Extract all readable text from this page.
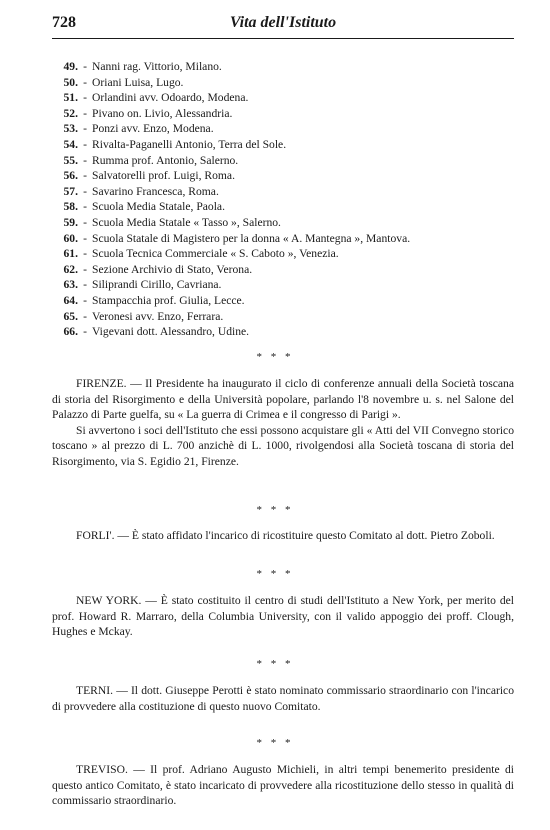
728	Vita dell'Istituto
49. - Nanni rag. Vittorio, Milano.
50. - Oriani Luisa, Lugo.
51. - Orlandini avv. Odoardo, Modena.
52. - Pivano on. Livio, Alessandria.
53. - Ponzi avv. Enzo, Modena.
54. - Rivalta-Paganelli Antonio, Terra del Sole.
55. - Rumma prof. Antonio, Salerno.
56. - Salvatorelli prof. Luigi, Roma.
57. - Savarino Francesca, Roma.
58. - Scuola Media Statale, Paola.
59. - Scuola Media Statale « Tasso », Salerno.
60. - Scuola Statale di Magistero per la donna « A. Mantegna », Mantova.
61. - Scuola Tecnica Commerciale « S. Caboto », Venezia.
62. - Sezione Archivio di Stato, Verona.
63. - Siliprandi Cirillo, Cavriana.
64. - Stampacchia prof. Giulia, Lecce.
65. - Veronesi avv. Enzo, Ferrara.
66. - Vigevani dott. Alessandro, Udine.
* * *

FIRENZE. — Il Presidente ha inaugurato il ciclo di conferenze annuali della Società toscana di storia del Risorgimento e della Università popolare, parlando l'8 novembre u. s. nel Salone del Palazzo di Parte guelfa, su « La guerra di Crimea e il congresso di Parigi ».

Si avvertono i soci dell'Istituto che essi possono acquistare gli « Atti del VII Convegno storico toscano » al prezzo di L. 700 anzichè di L. 1000, rivolgendosi alla Società toscana di storia del Risorgimento, via S. Egidio 21, Firenze.

* * *

FORLI'. — È stato affidato l'incarico di ricostituire questo Comitato al dott. Pietro Zoboli.

* * *

NEW YORK. — È stato costituito il centro di studi dell'Istituto a New York, per merito del prof. Howard R. Marraro, della Columbia University, con il valido appoggio dei proff. Clough, Hughes e Mckay.

* * *

TERNI. — Il dott. Giuseppe Perotti è stato nominato commissario straordinario con l'incarico di provvedere alla costituzione di questo nuovo Comitato.

* * *

TREVISO. — Il prof. Adriano Augusto Michieli, in altri tempi benemerito presidente di questo antico Comitato, è stato incaricato di provvedere alla ricostituzione dello stesso in qualità di commissario straordinario.
